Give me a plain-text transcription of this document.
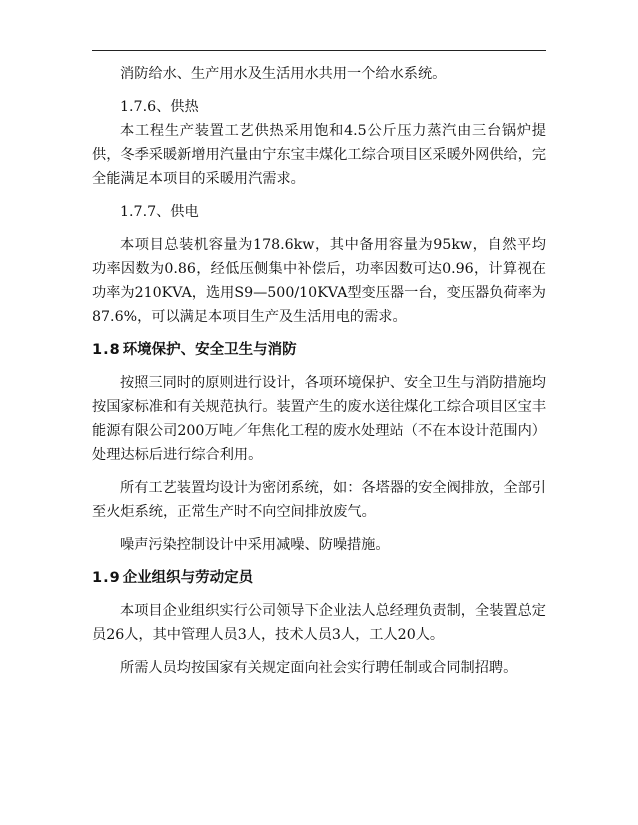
消防给水、生产用水及生活用水共用一个给水系统。

1.7.6、供热

本工程生产装置工艺供热采用饱和4.5公斤压力蒸汽由三台锅炉提供，冬季采暖新增用汽量由宁东宝丰煤化工综合项目区采暖外网供给，完全能满足本项目的采暖用汽需求。

1.7.7、供电

本项目总装机容量为178.6kw，其中备用容量为95kw，自然平均功率因数为0.86，经低压侧集中补偿后，功率因数可达0.96，计算视在功率为210KVA，选用S9—500/10KVA型变压器一台，变压器负荷率为87.6%，可以满足本项目生产及生活用电的需求。

1.8 环境保护、安全卫生与消防

按照三同时的原则进行设计，各项环境保护、安全卫生与消防措施均按国家标准和有关规范执行。装置产生的废水送往煤化工综合项目区宝丰能源有限公司200万吨／年焦化工程的废水处理站（不在本设计范围内）处理达标后进行综合利用。

所有工艺装置均设计为密闭系统，如：各塔器的安全阀排放，全部引至火炬系统，正常生产时不向空间排放废气。

噪声污染控制设计中采用减噪、防噪措施。

1.9 企业组织与劳动定员

本项目企业组织实行公司领导下企业法人总经理负责制，全装置总定员26人，其中管理人员3人，技术人员3人，工人20人。

所需人员均按国家有关规定面向社会实行聘任制或合同制招聘。
